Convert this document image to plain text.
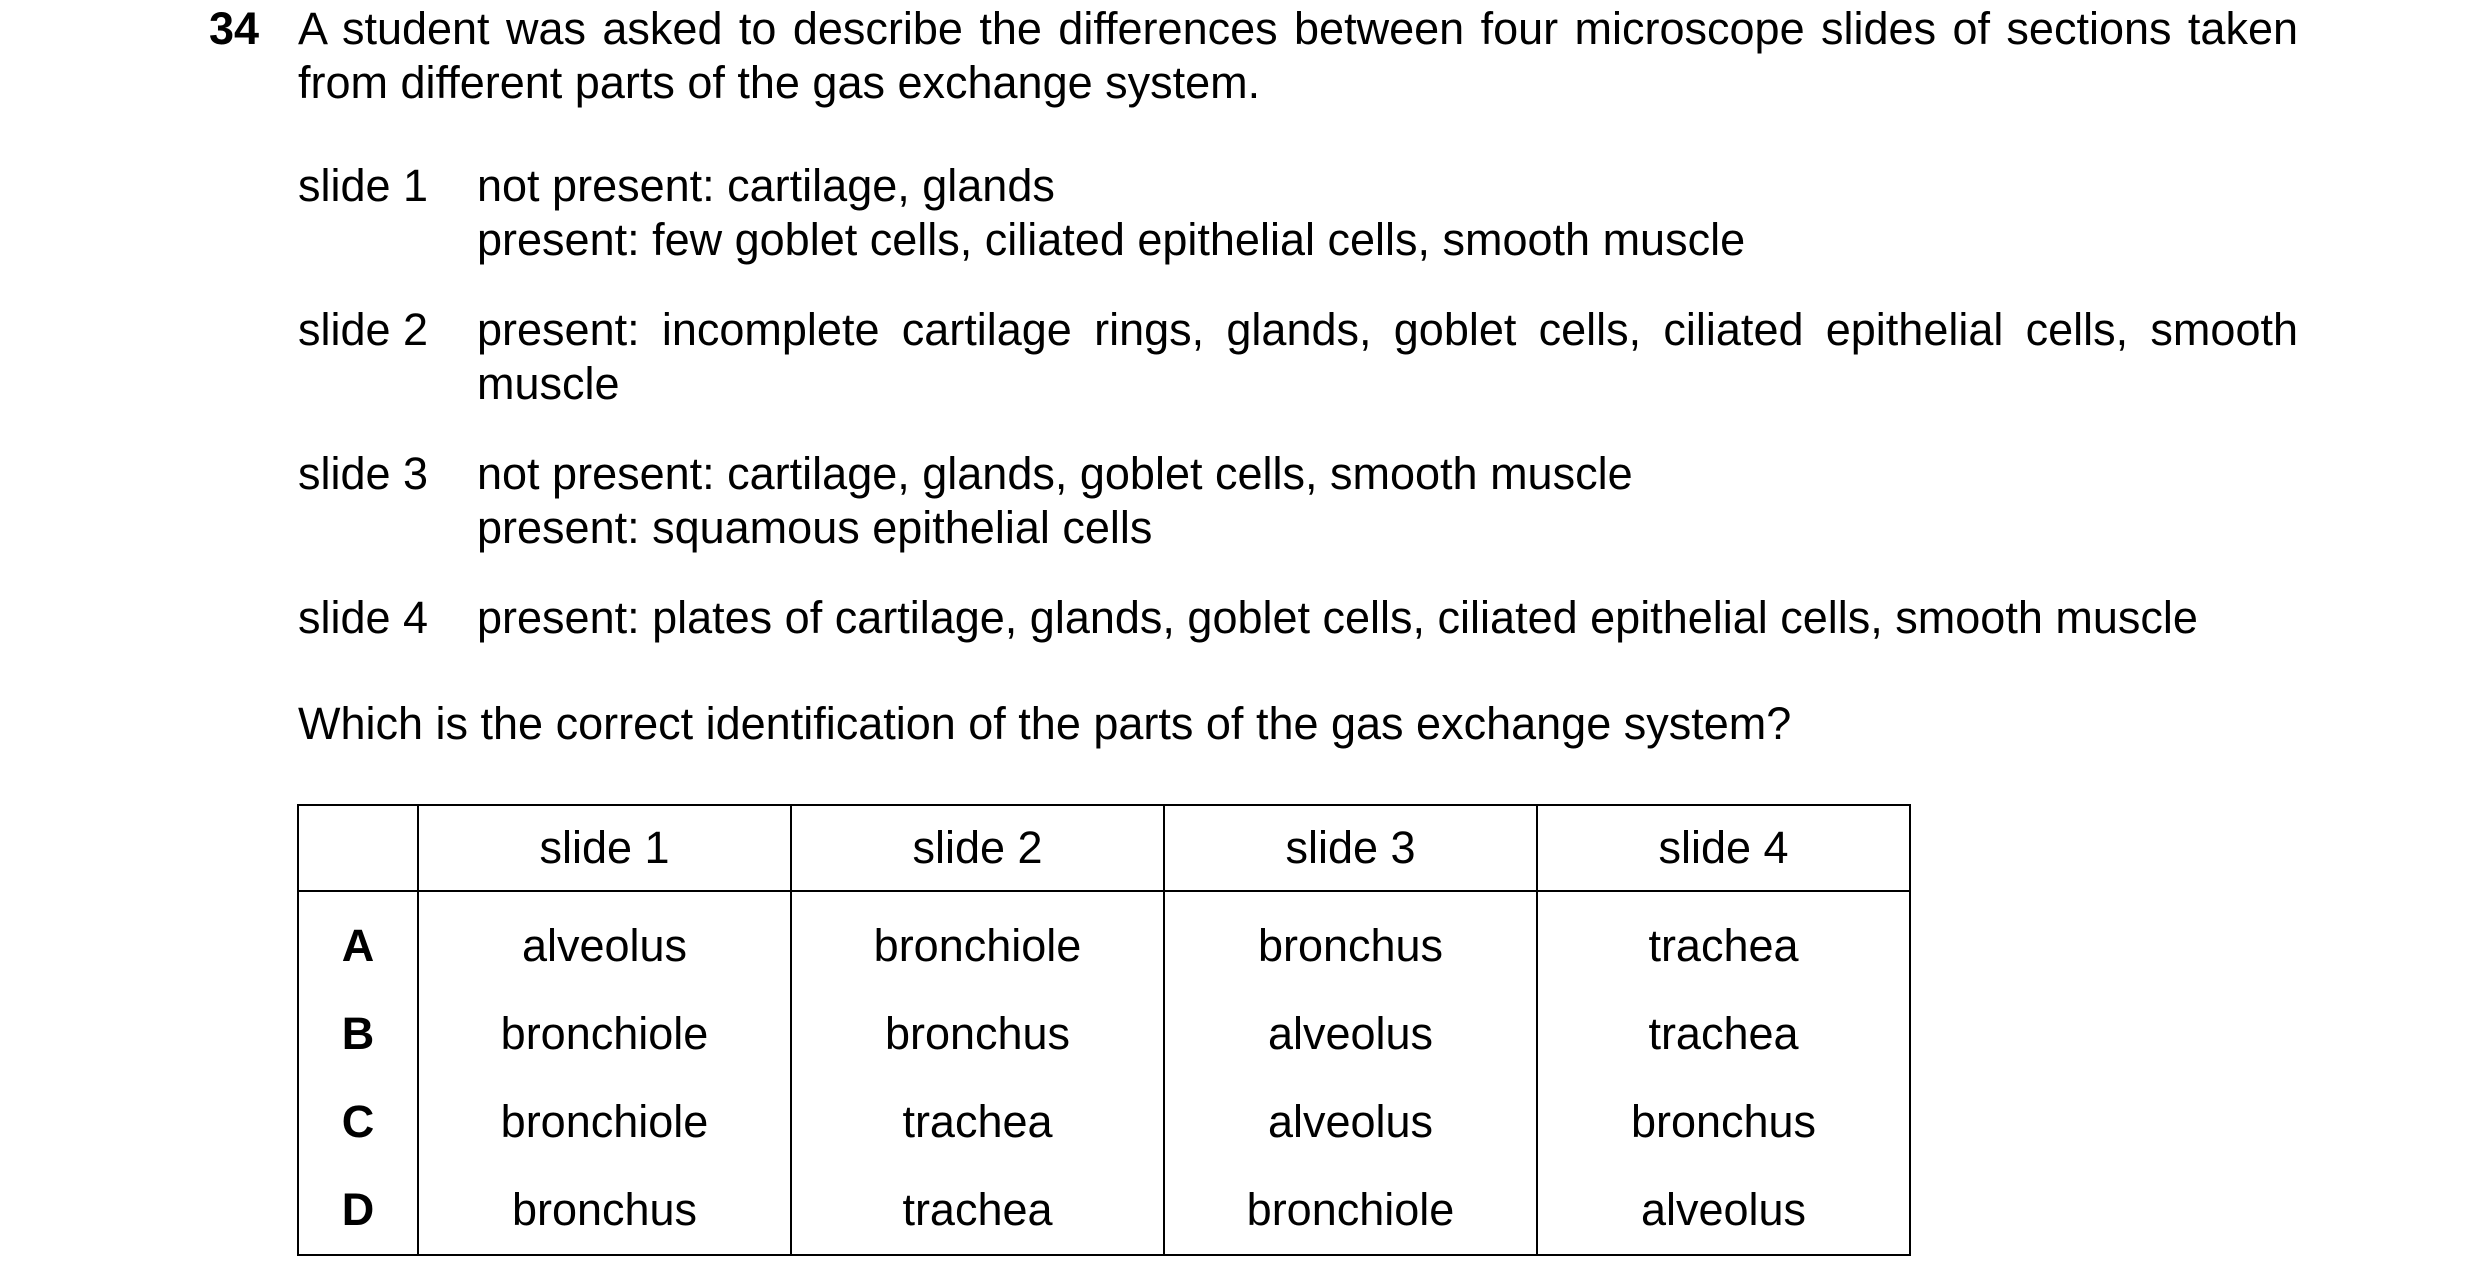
34 A student was asked to describe the differences between four microscope slides of sections taken from different parts of the gas exchange system.
slide 1 not present: cartilage, glands
present: few goblet cells, ciliated epithelial cells, smooth muscle
slide 2 present: incomplete cartilage rings, glands, goblet cells, ciliated epithelial cells, smooth muscle
slide 3 not present: cartilage, glands, goblet cells, smooth muscle
present: squamous epithelial cells
slide 4 present: plates of cartilage, glands, goblet cells, ciliated epithelial cells, smooth muscle
Which is the correct identification of the parts of the gas exchange system?
	slide 1	slide 2	slide 3	slide 4
A	alveolus	bronchiole	bronchus	trachea
B	bronchiole	bronchus	alveolus	trachea
C	bronchiole	trachea	alveolus	bronchus
D	bronchus	trachea	bronchiole	alveolus
